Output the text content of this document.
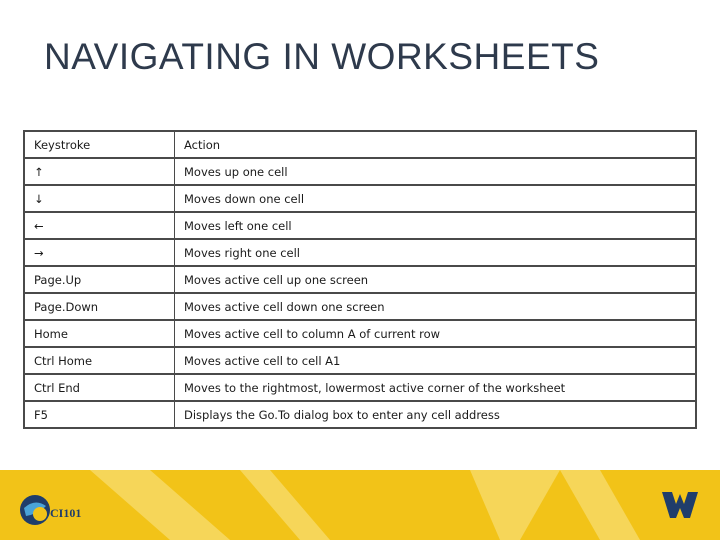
NAVIGATING IN WORKSHEETS
Keystroke	Action
↑	Moves up one cell
↓	Moves down one cell
←	Moves left one cell
→	Moves right one cell
Page.Up	Moves active cell up one screen
Page.Down	Moves active cell down one screen
Home	Moves active cell to column A of current row
Ctrl Home	Moves active cell to cell A1
Ctrl End	Moves to the rightmost, lowermost active corner of the worksheet
F5	Displays the Go.To dialog box to enter any cell address
CI101
